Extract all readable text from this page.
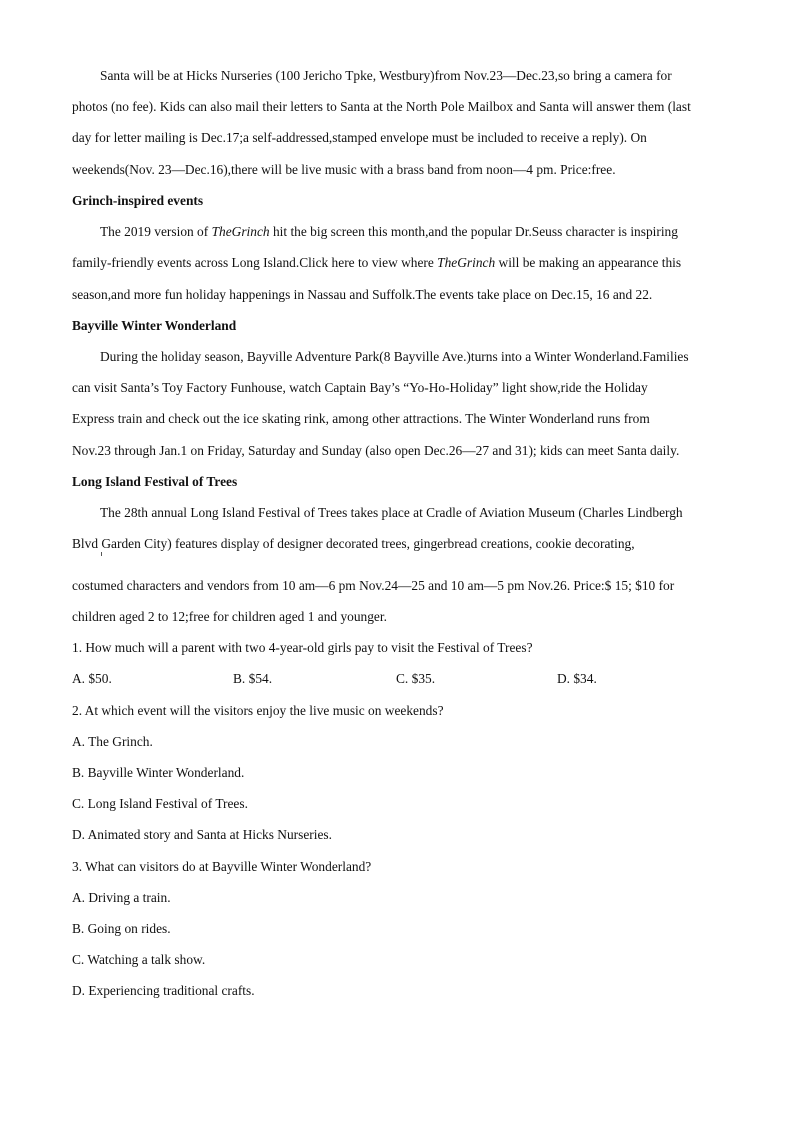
Santa will be at Hicks Nurseries (100 Jericho Tpke, Westbury)from Nov.23—Dec.23,so bring a camera for
photos (no fee). Kids can also mail their letters to Santa at the North Pole Mailbox and Santa will answer them (last
day for letter mailing is Dec.17;a self-addressed,stamped envelope must be included to receive a reply). On
weekends(Nov. 23—Dec.16),there will be live music with a brass band from noon—4 pm. Price:free.
Grinch-inspired events
The 2019 version of TheGrinch hit the big screen this month,and the popular Dr.Seuss character is inspiring
family-friendly events across Long Island.Click here to view where TheGrinch will be making an appearance this
season,and more fun holiday happenings in Nassau and Suffolk.The events take place on Dec.15, 16 and 22.
Bayville Winter Wonderland
During the holiday season, Bayville Adventure Park(8 Bayville Ave.)turns into a Winter Wonderland.Families
can visit Santa’s Toy Factory Funhouse, watch Captain Bay’s “Yo-Ho-Holiday” light show,ride the Holiday
Express train and check out the ice skating rink, among other attractions. The Winter Wonderland runs from
Nov.23 through Jan.1 on Friday, Saturday and Sunday (also open Dec.26—27 and 31); kids can meet Santa daily.
Long Island Festival of Trees
The 28th annual Long Island Festival of Trees takes place at Cradle of Aviation Museum (Charles Lindbergh
Blvd Garden City) features display of designer decorated trees, gingerbread creations, cookie decorating,
costumed characters and vendors from 10 am—6 pm Nov.24—25 and 10 am—5 pm Nov.26. Price:$ 15; $10 for
children aged 2 to 12;free for children aged 1 and younger.
1. How much will a parent with two 4-year-old girls pay to visit the Festival of Trees?
A. $50.	B. $54.	C. $35.	D. $34.
2. At which event will the visitors enjoy the live music on weekends?
A. The Grinch.
B. Bayville Winter Wonderland.
C. Long Island Festival of Trees.
D. Animated story and Santa at Hicks Nurseries.
3. What can visitors do at Bayville Winter Wonderland?
A. Driving a train.
B. Going on rides.
C. Watching a talk show.
D. Experiencing traditional crafts.
